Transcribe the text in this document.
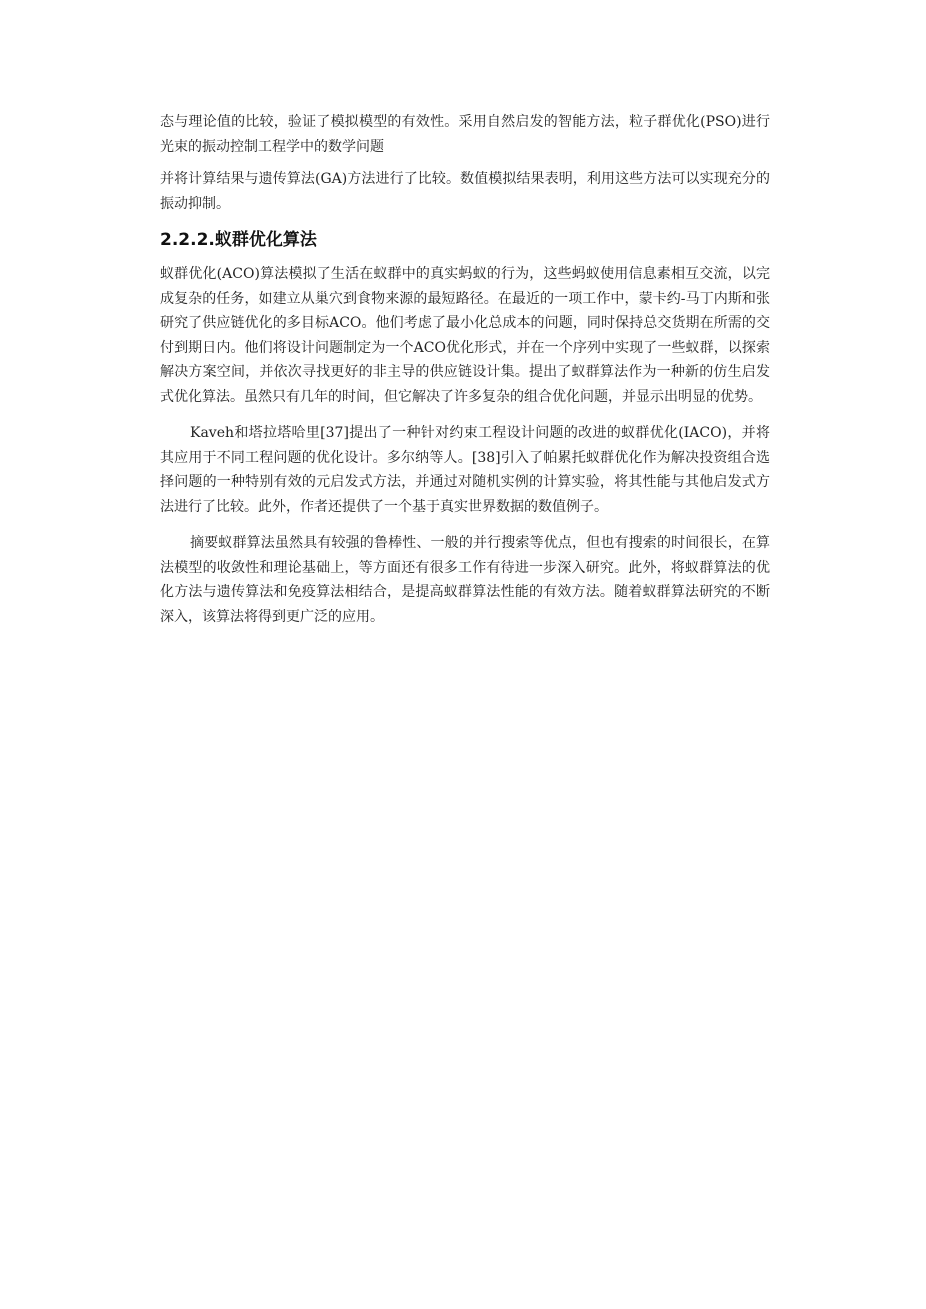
态与理论值的比较，验证了模拟模型的有效性。采用自然启发的智能方法，粒子群优化(PSO)进行光束的振动控制工程学中的数学问题

并将计算结果与遗传算法(GA)方法进行了比较。数值模拟结果表明，利用这些方法可以实现充分的振动抑制。

2.2.2.蚁群优化算法

蚁群优化(ACO)算法模拟了生活在蚁群中的真实蚂蚁的行为，这些蚂蚁使用信息素相互交流，以完成复杂的任务，如建立从巢穴到食物来源的最短路径。在最近的一项工作中，蒙卡约-马丁内斯和张研究了供应链优化的多目标ACO。他们考虑了最小化总成本的问题，同时保持总交货期在所需的交付到期日内。他们将设计问题制定为一个ACO优化形式，并在一个序列中实现了一些蚁群，以探索解决方案空间，并依次寻找更好的非主导的供应链设计集。提出了蚁群算法作为一种新的仿生启发式优化算法。虽然只有几年的时间，但它解决了许多复杂的组合优化问题，并显示出明显的优势。

Kaveh和塔拉塔哈里[37]提出了一种针对约束工程设计问题的改进的蚁群优化(IACO)，并将其应用于不同工程问题的优化设计。多尔纳等人。[38]引入了帕累托蚁群优化作为解决投资组合选择问题的一种特别有效的元启发式方法，并通过对随机实例的计算实验，将其性能与其他启发式方法进行了比较。此外，作者还提供了一个基于真实世界数据的数值例子。

摘要蚁群算法虽然具有较强的鲁棒性、一般的并行搜索等优点，但也有搜索的时间很长，在算法模型的收敛性和理论基础上，等方面还有很多工作有待进一步深入研究。此外，将蚁群算法的优化方法与遗传算法和免疫算法相结合，是提高蚁群算法性能的有效方法。随着蚁群算法研究的不断深入，该算法将得到更广泛的应用。
